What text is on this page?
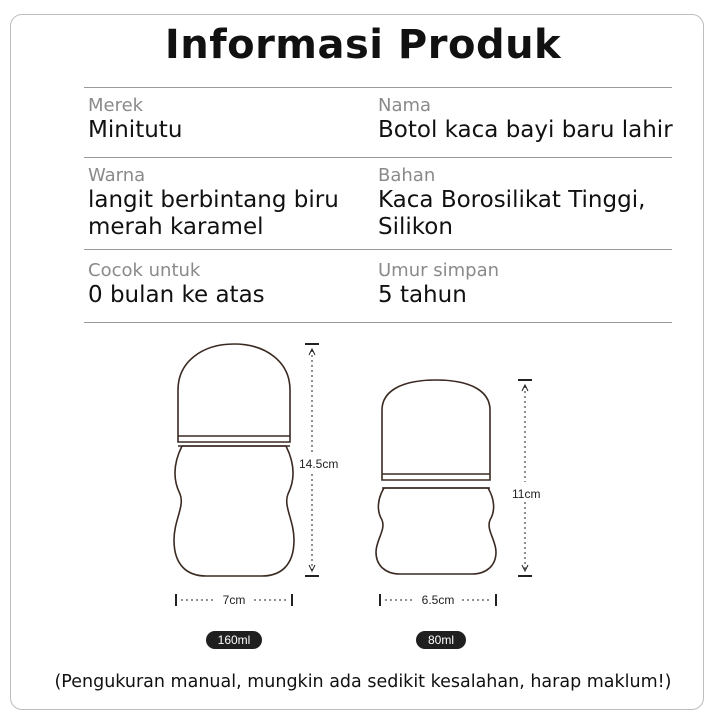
Informasi Produk
Merek
Minitutu
Nama
Botol kaca bayi baru lahir
Warna
langit berbintang biru
merah karamel
Bahan
Kaca Borosilikat Tinggi,
Silikon
Cocok untuk
0 bulan ke atas
Umur simpan
5 tahun
14.5cm
7cm
11cm
6.5cm
160ml	80ml
(Pengukuran manual, mungkin ada sedikit kesalahan, harap maklum!)
